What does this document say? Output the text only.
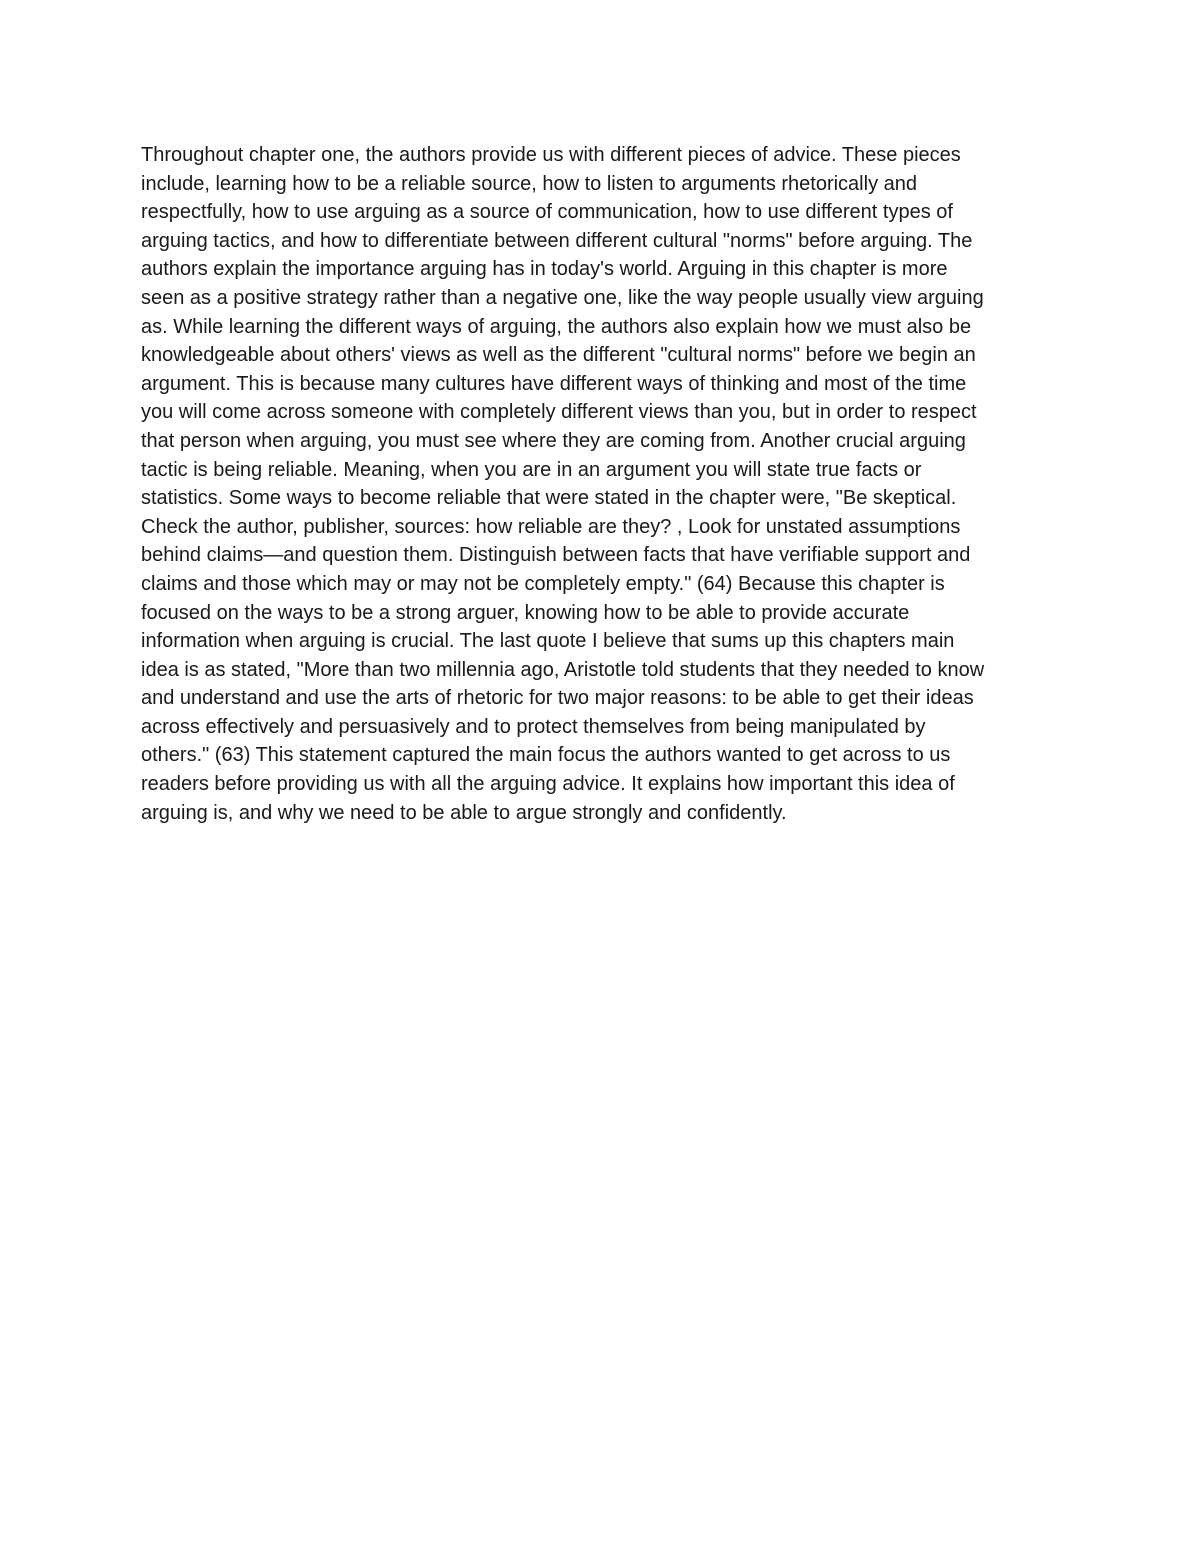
Throughout chapter one, the authors provide us with different pieces of advice. These pieces
include, learning how to be a reliable source, how to listen to arguments rhetorically and
respectfully, how to use arguing as a source of communication, how to use different types of
arguing tactics, and how to differentiate between different cultural "norms" before arguing. The
authors explain the importance arguing has in today's world. Arguing in this chapter is more
seen as a positive strategy rather than a negative one, like the way people usually view arguing
as. While learning the different ways of arguing, the authors also explain how we must also be
knowledgeable about others' views as well as the different "cultural norms" before we begin an
argument. This is because many cultures have different ways of thinking and most of the time
you will come across someone with completely different views than you, but in order to respect
that person when arguing, you must see where they are coming from. Another crucial arguing
tactic is being reliable. Meaning, when you are in an argument you will state true facts or
statistics. Some ways to become reliable that were stated in the chapter were, "Be skeptical.
Check the author, publisher, sources: how reliable are they? , Look for unstated assumptions
behind claims—and question them. Distinguish between facts that have verifiable support and
claims and those which may or may not be completely empty." (64) Because this chapter is
focused on the ways to be a strong arguer, knowing how to be able to provide accurate
information when arguing is crucial. The last quote I believe that sums up this chapters main
idea is as stated, "More than two millennia ago, Aristotle told students that they needed to know
and understand and use the arts of rhetoric for two major reasons: to be able to get their ideas
across effectively and persuasively and to protect themselves from being manipulated by
others." (63) This statement captured the main focus the authors wanted to get across to us
readers before providing us with all the arguing advice. It explains how important this idea of
arguing is, and why we need to be able to argue strongly and confidently.
